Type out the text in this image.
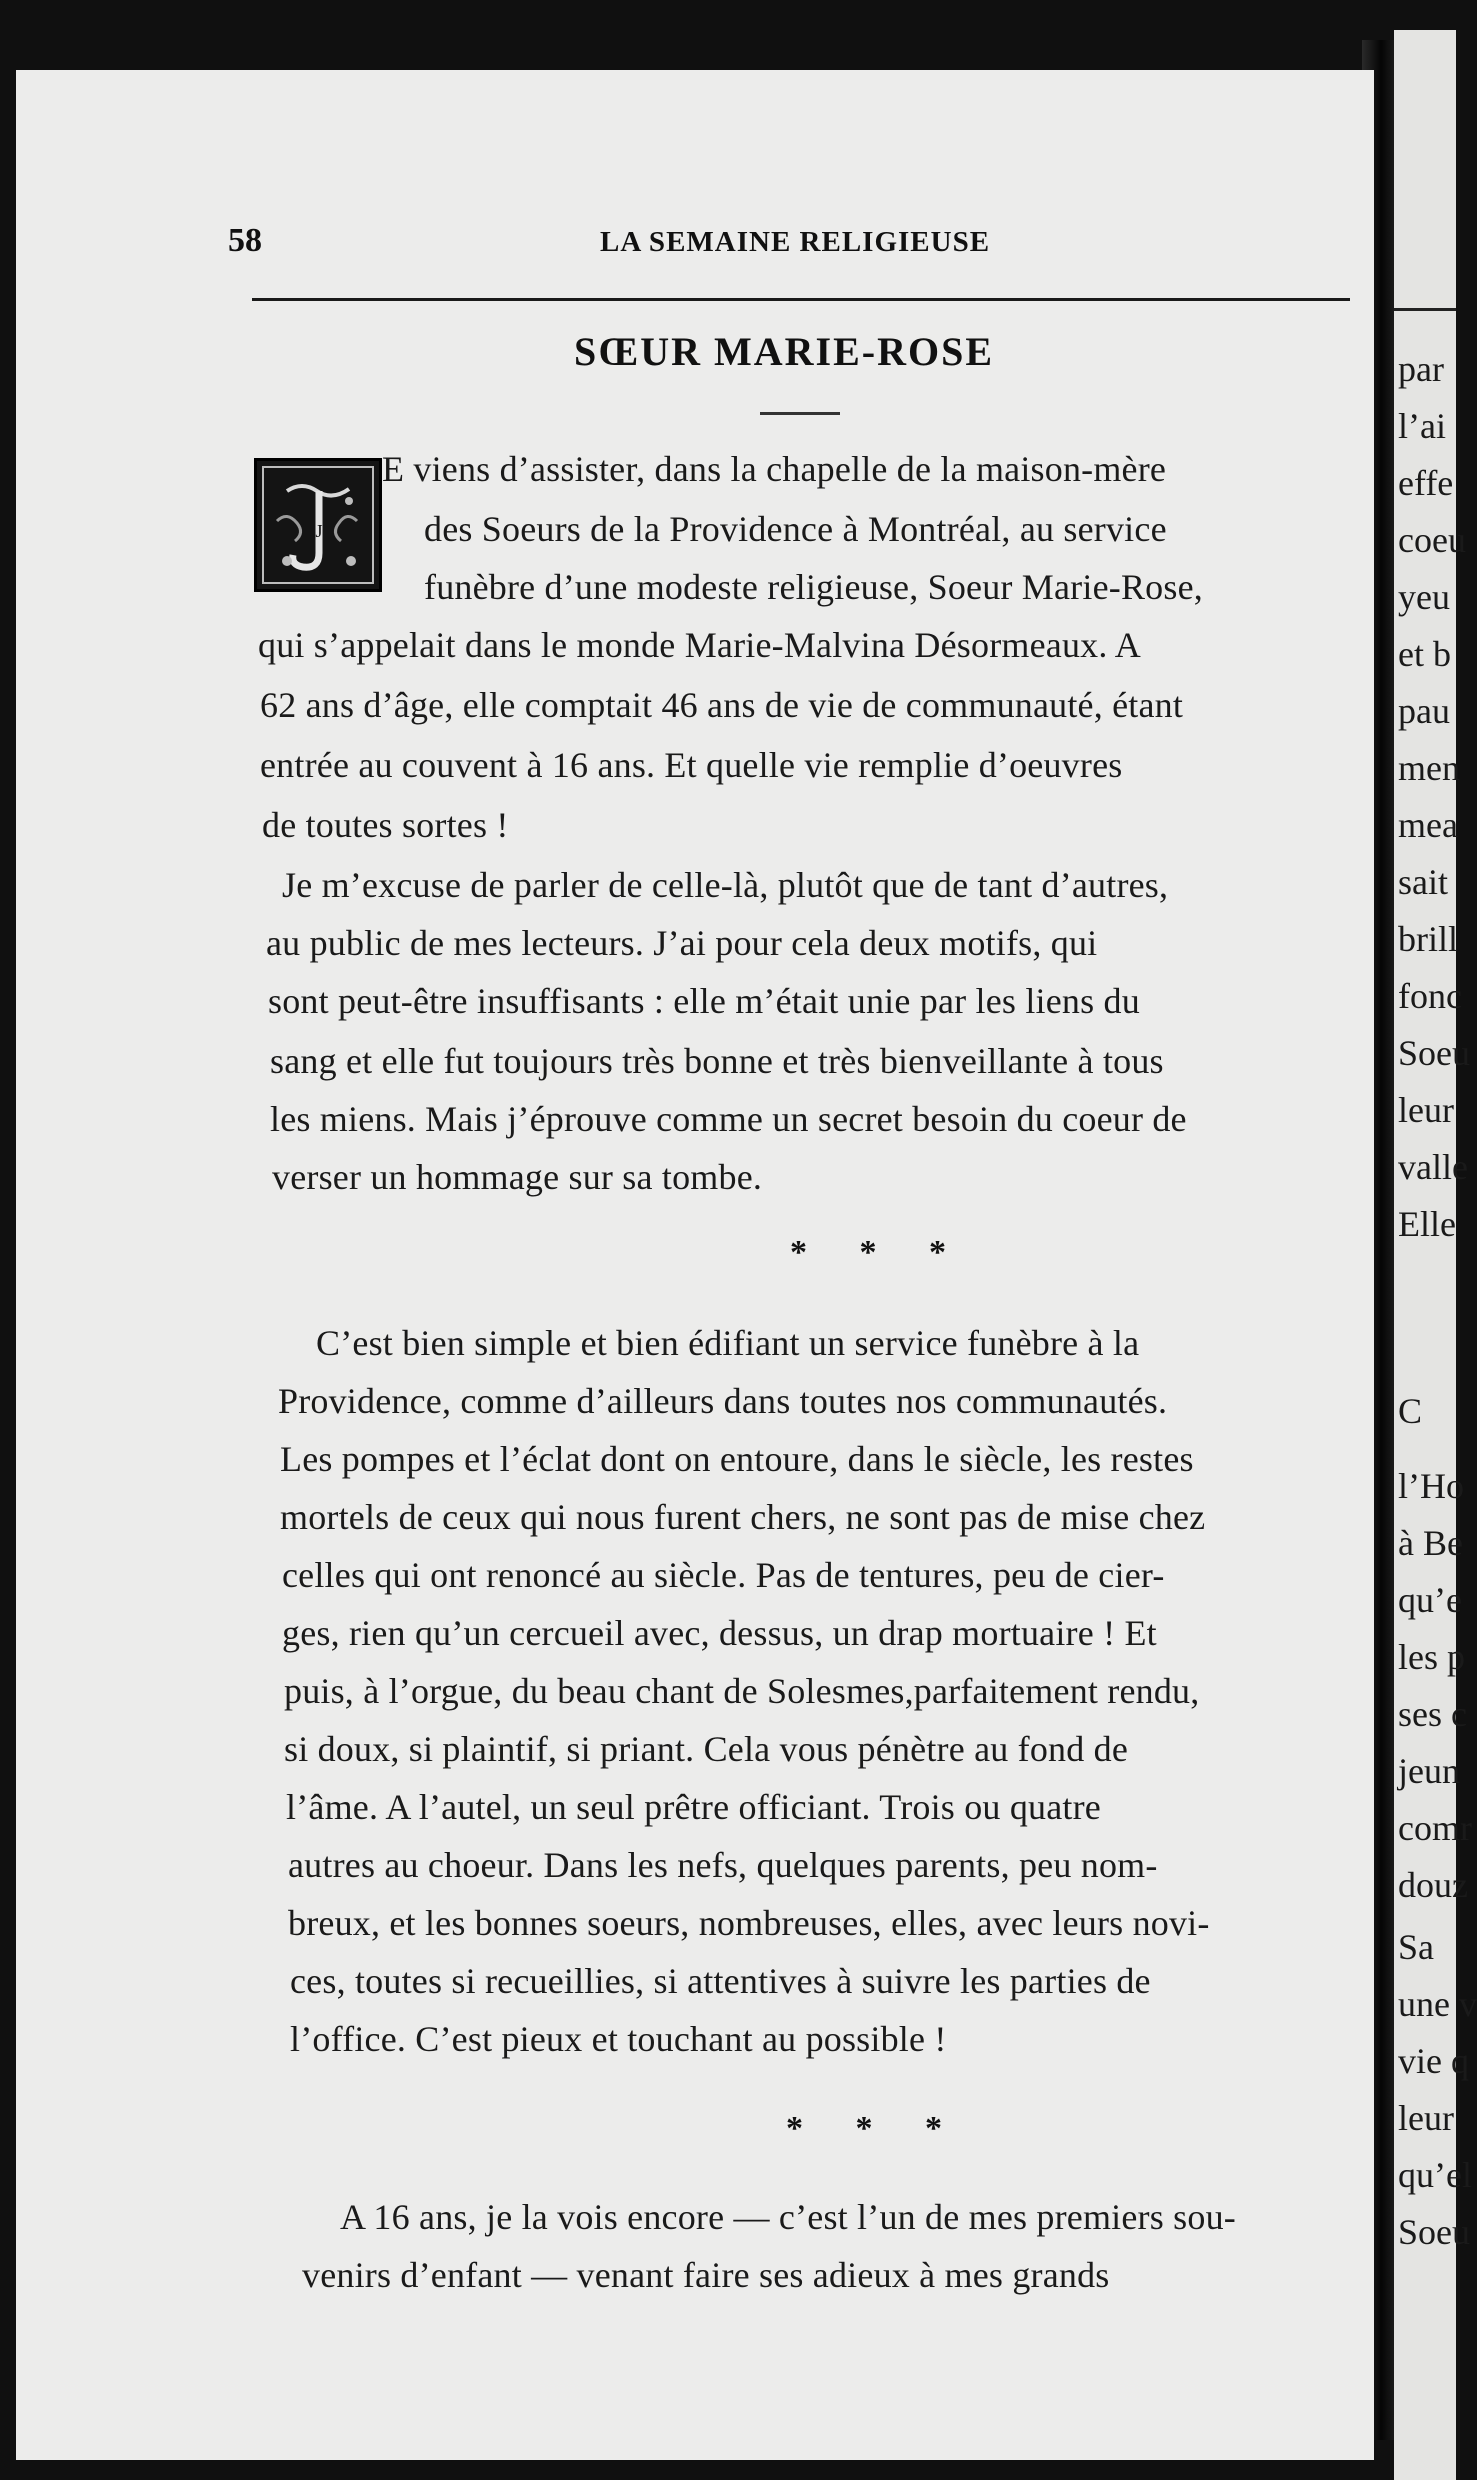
par
l’ai
effe
coeu
yeu
et b
pau
men
mea
sait
brill
fonc
Soeu
leur
valle
Elle
C
l’Ho
à Be
qu’e
les p
ses c
jeun
comr
douz
Sa
une v
vie q
leur
qu’el
Soeu
58	LA SEMAINE RELIGIEUSE
SŒUR MARIE-ROSE
J
E viens d’assister, dans la chapelle de la maison-mère
des Soeurs de la Providence à Montréal, au service
funèbre d’une modeste religieuse, Soeur Marie-Rose,
qui s’appelait dans le monde Marie-Malvina Désormeaux. A
62 ans d’âge, elle comptait 46 ans de vie de communauté, étant
entrée au couvent à 16 ans. Et quelle vie remplie d’oeuvres
de toutes sortes !
Je m’excuse de parler de celle-là, plutôt que de tant d’autres,
au public de mes lecteurs. J’ai pour cela deux motifs, qui
sont peut-être insuffisants : elle m’était unie par les liens du
sang et elle fut toujours très bonne et très bienveillante à tous
les miens. Mais j’éprouve comme un secret besoin du coeur de
verser un hommage sur sa tombe.
* * *
C’est bien simple et bien édifiant un service funèbre à la
Providence, comme d’ailleurs dans toutes nos communautés.
Les pompes et l’éclat dont on entoure, dans le siècle, les restes
mortels de ceux qui nous furent chers, ne sont pas de mise chez
celles qui ont renoncé au siècle. Pas de tentures, peu de cier-
ges, rien qu’un cercueil avec, dessus, un drap mortuaire ! Et
puis, à l’orgue, du beau chant de Solesmes,parfaitement rendu,
si doux, si plaintif, si priant. Cela vous pénètre au fond de
l’âme. A l’autel, un seul prêtre officiant. Trois ou quatre
autres au choeur. Dans les nefs, quelques parents, peu nom-
breux, et les bonnes soeurs, nombreuses, elles, avec leurs novi-
ces, toutes si recueillies, si attentives à suivre les parties de
l’office. C’est pieux et touchant au possible !
* * *
A 16 ans, je la vois encore — c’est l’un de mes premiers sou-
venirs d’enfant — venant faire ses adieux à mes grands
